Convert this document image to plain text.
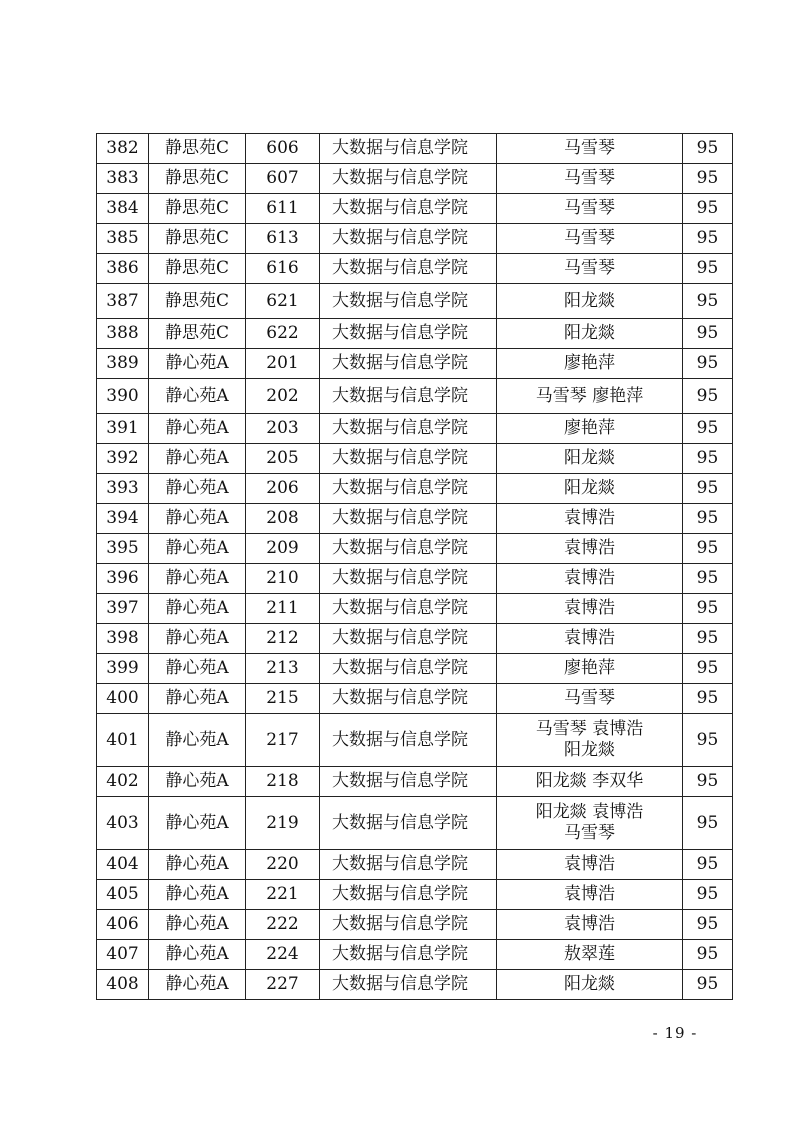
382	静思苑C	606	大数据与信息学院	马雪琴	95
383	静思苑C	607	大数据与信息学院	马雪琴	95
384	静思苑C	611	大数据与信息学院	马雪琴	95
385	静思苑C	613	大数据与信息学院	马雪琴	95
386	静思苑C	616	大数据与信息学院	马雪琴	95
387	静思苑C	621	大数据与信息学院	阳龙燚	95
388	静思苑C	622	大数据与信息学院	阳龙燚	95
389	静心苑A	201	大数据与信息学院	廖艳萍	95
390	静心苑A	202	大数据与信息学院	马雪琴 廖艳萍	95
391	静心苑A	203	大数据与信息学院	廖艳萍	95
392	静心苑A	205	大数据与信息学院	阳龙燚	95
393	静心苑A	206	大数据与信息学院	阳龙燚	95
394	静心苑A	208	大数据与信息学院	袁博浩	95
395	静心苑A	209	大数据与信息学院	袁博浩	95
396	静心苑A	210	大数据与信息学院	袁博浩	95
397	静心苑A	211	大数据与信息学院	袁博浩	95
398	静心苑A	212	大数据与信息学院	袁博浩	95
399	静心苑A	213	大数据与信息学院	廖艳萍	95
400	静心苑A	215	大数据与信息学院	马雪琴	95
401	静心苑A	217	大数据与信息学院	马雪琴 袁博浩
阳龙燚	95
402	静心苑A	218	大数据与信息学院	阳龙燚 李双华	95
403	静心苑A	219	大数据与信息学院	阳龙燚 袁博浩
马雪琴	95
404	静心苑A	220	大数据与信息学院	袁博浩	95
405	静心苑A	221	大数据与信息学院	袁博浩	95
406	静心苑A	222	大数据与信息学院	袁博浩	95
407	静心苑A	224	大数据与信息学院	敖翠莲	95
408	静心苑A	227	大数据与信息学院	阳龙燚	95
- 19 -
